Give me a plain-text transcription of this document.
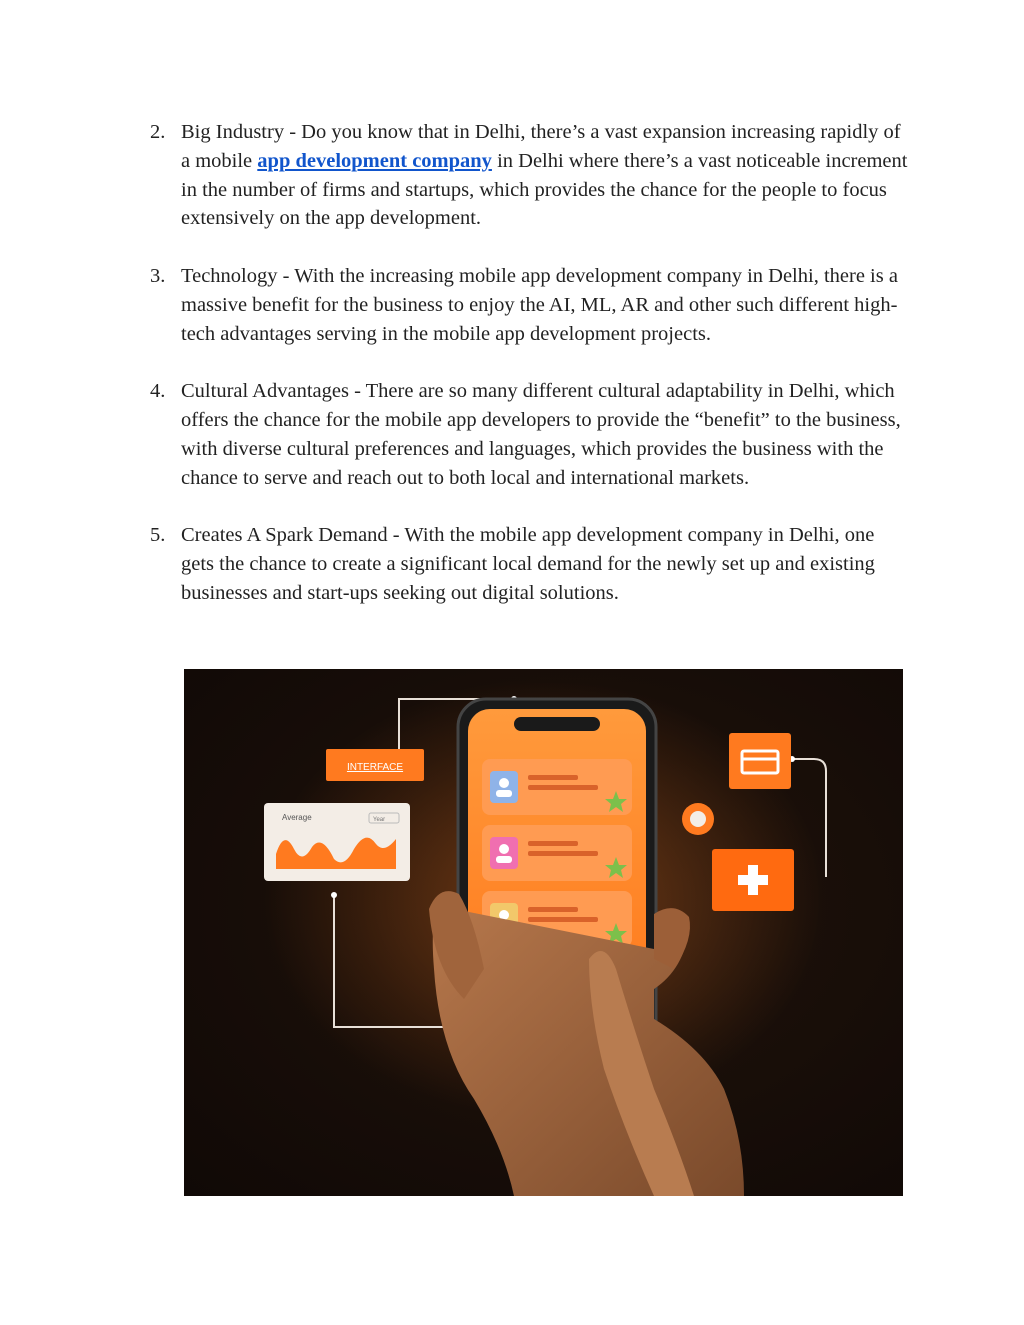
2. Big Industry - Do you know that in Delhi, there’s a vast expansion increasing rapidly of a mobile app development company in Delhi where there’s a vast noticeable increment in the number of firms and startups, which provides the chance for the people to focus extensively on the app development.
3. Technology - With the increasing mobile app development company in Delhi, there is a massive benefit for the business to enjoy the AI, ML, AR and other such different high-tech advantages serving in the mobile app development projects.
4. Cultural Advantages - There are so many different cultural adaptability in Delhi, which offers the chance for the mobile app developers to provide the “benefit” to the business, with diverse cultural preferences and languages, which provides the business with the chance to serve and reach out to both local and international markets.
5. Creates A Spark Demand - With the mobile app development company in Delhi, one gets the chance to create a significant local demand for the newly set up and existing businesses and start-ups seeking out digital solutions.
INTERFACE
Average	Year
